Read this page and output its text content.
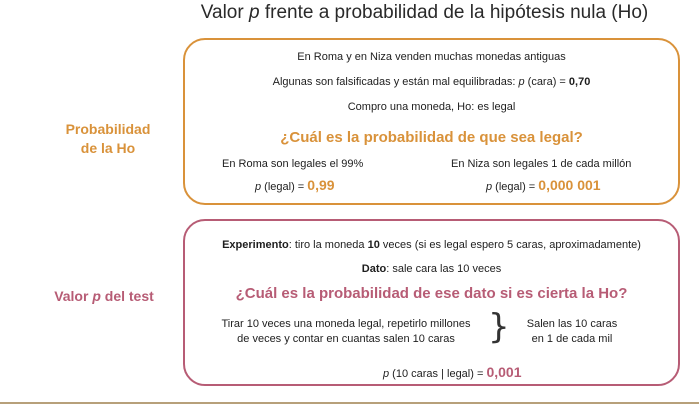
Valor p frente a probabilidad de la hipótesis nula (Ho)
Probabilidad
de la Ho
En Roma y en Niza venden muchas monedas antiguas
Algunas son falsificadas y están mal equilibradas: p (cara) = 0,70
Compro una moneda, Ho: es legal
¿Cuál es la probabilidad de que sea legal?
En Roma son legales el 99%
p (legal) = 0,99
En Niza son legales 1 de cada millón
p (legal) = 0,000 001
Valor p del test
Experimento: tiro la moneda 10 veces (si es legal espero 5 caras, aproximadamente)
Dato: sale cara las 10 veces
¿Cuál es la probabilidad de ese dato si es cierta la Ho?
Tirar 10 veces una moneda legal, repetirlo millones
de veces y contar en cuantas salen 10 caras }	Salen las 10 caras
en 1 de cada mil
p (10 caras | legal) = 0,001
